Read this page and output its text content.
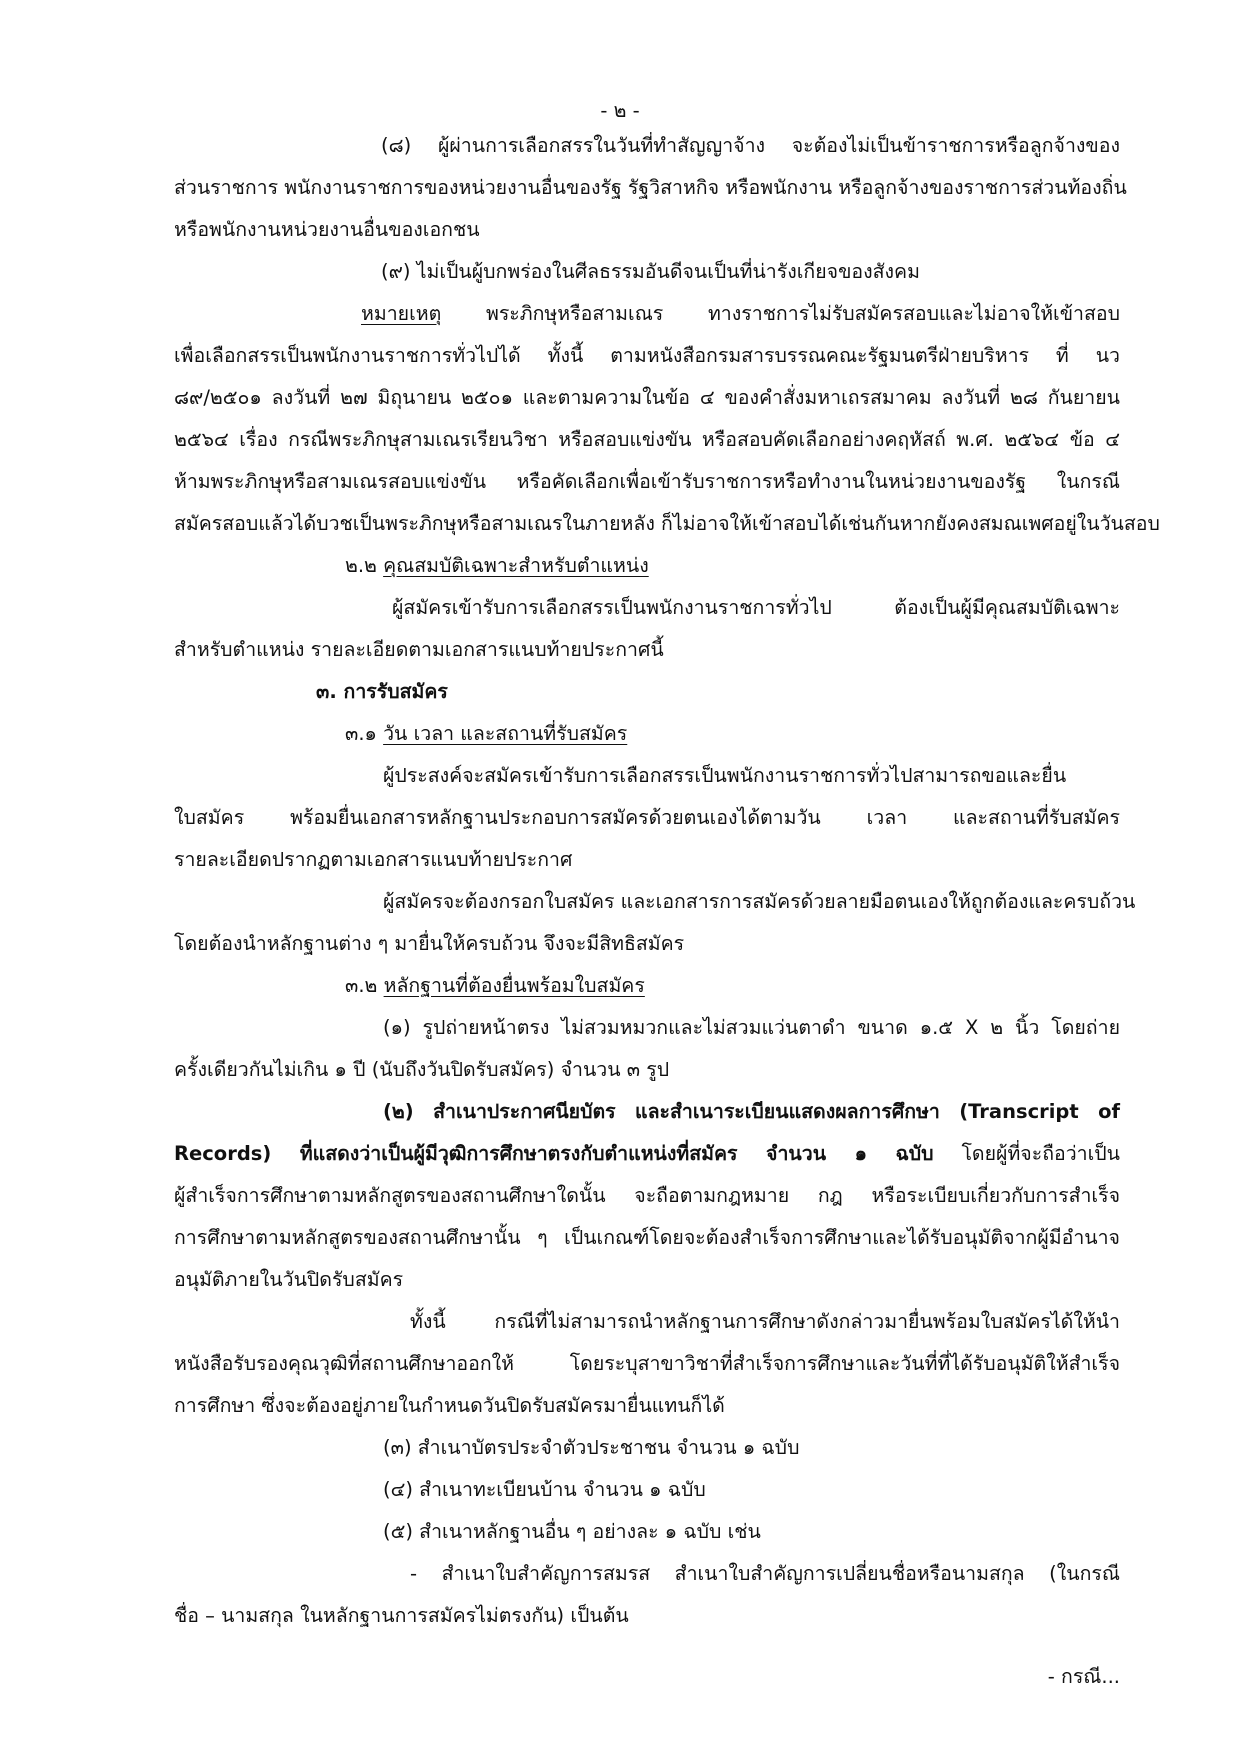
- ๒ -
(๘) ผู้ผ่านการเลือกสรรในวันที่ทำสัญญาจ้าง จะต้องไม่เป็นข้าราชการหรือลูกจ้างของ
ส่วนราชการ พนักงานราชการของหน่วยงานอื่นของรัฐ รัฐวิสาหกิจ หรือพนักงาน หรือลูกจ้างของราชการส่วนท้องถิ่น
หรือพนักงานหน่วยงานอื่นของเอกชน
(๙) ไม่เป็นผู้บกพร่องในศีลธรรมอันดีจนเป็นที่น่ารังเกียจของสังคม
หมายเหตุ พระภิกษุหรือสามเณร ทางราชการไม่รับสมัครสอบและไม่อาจให้เข้าสอบ
เพื่อเลือกสรรเป็นพนักงานราชการทั่วไปได้ ทั้งนี้ ตามหนังสือกรมสารบรรณคณะรัฐมนตรีฝ่ายบริหาร ที่ นว
๘๙/๒๕๐๑ ลงวันที่ ๒๗ มิถุนายน ๒๕๐๑ และตามความในข้อ ๔ ของคำสั่งมหาเถรสมาคม ลงวันที่ ๒๘ กันยายน
๒๕๖๔ เรื่อง กรณีพระภิกษุสามเณรเรียนวิชา หรือสอบแข่งขัน หรือสอบคัดเลือกอย่างคฤหัสถ์ พ.ศ. ๒๕๖๔ ข้อ ๔
ห้ามพระภิกษุหรือสามเณรสอบแข่งขัน หรือคัดเลือกเพื่อเข้ารับราชการหรือทำงานในหน่วยงานของรัฐ ในกรณี
สมัครสอบแล้วได้บวชเป็นพระภิกษุหรือสามเณรในภายหลัง ก็ไม่อาจให้เข้าสอบได้เช่นกันหากยังคงสมณเพศอยู่ในวันสอบ
๒.๒ คุณสมบัติเฉพาะสำหรับตำแหน่ง
ผู้สมัครเข้ารับการเลือกสรรเป็นพนักงานราชการทั่วไป ต้องเป็นผู้มีคุณสมบัติเฉพาะ
สำหรับตำแหน่ง รายละเอียดตามเอกสารแนบท้ายประกาศนี้
๓. การรับสมัคร
๓.๑ วัน เวลา และสถานที่รับสมัคร
ผู้ประสงค์จะสมัครเข้ารับการเลือกสรรเป็นพนักงานราชการทั่วไปสามารถขอและยื่น
ใบสมัคร พร้อมยื่นเอกสารหลักฐานประกอบการสมัครด้วยตนเองได้ตามวัน เวลา และสถานที่รับสมัคร
รายละเอียดปรากฏตามเอกสารแนบท้ายประกาศ
ผู้สมัครจะต้องกรอกใบสมัคร และเอกสารการสมัครด้วยลายมือตนเองให้ถูกต้องและครบถ้วน
โดยต้องนำหลักฐานต่าง ๆ มายื่นให้ครบถ้วน จึงจะมีสิทธิสมัคร
๓.๒ หลักฐานที่ต้องยื่นพร้อมใบสมัคร
(๑) รูปถ่ายหน้าตรง ไม่สวมหมวกและไม่สวมแว่นตาดำ ขนาด ๑.๕ X ๒ นิ้ว โดยถ่าย
ครั้งเดียวกันไม่เกิน ๑ ปี (นับถึงวันปิดรับสมัคร) จำนวน ๓ รูป
(๒) สำเนาประกาศนียบัตร และสำเนาระเบียนแสดงผลการศึกษา (Transcript of
Records) ที่แสดงว่าเป็นผู้มีวุฒิการศึกษาตรงกับตำแหน่งที่สมัคร จำนวน ๑ ฉบับ โดยผู้ที่จะถือว่าเป็น
ผู้สำเร็จการศึกษาตามหลักสูตรของสถานศึกษาใดนั้น จะถือตามกฎหมาย กฎ หรือระเบียบเกี่ยวกับการสำเร็จ
การศึกษาตามหลักสูตรของสถานศึกษานั้น ๆ เป็นเกณฑ์โดยจะต้องสำเร็จการศึกษาและได้รับอนุมัติจากผู้มีอำนาจ
อนุมัติภายในวันปิดรับสมัคร
ทั้งนี้ กรณีที่ไม่สามารถนำหลักฐานการศึกษาดังกล่าวมายื่นพร้อมใบสมัครได้ให้นำ
หนังสือรับรองคุณวุฒิที่สถานศึกษาออกให้ โดยระบุสาขาวิชาที่สำเร็จการศึกษาและวันที่ที่ได้รับอนุมัติให้สำเร็จ
การศึกษา ซึ่งจะต้องอยู่ภายในกำหนดวันปิดรับสมัครมายื่นแทนก็ได้
(๓) สำเนาบัตรประจำตัวประชาชน จำนวน ๑ ฉบับ
(๔) สำเนาทะเบียนบ้าน จำนวน ๑ ฉบับ
(๕) สำเนาหลักฐานอื่น ๆ อย่างละ ๑ ฉบับ เช่น
- สำเนาใบสำคัญการสมรส สำเนาใบสำคัญการเปลี่ยนชื่อหรือนามสกุล (ในกรณี
ชื่อ – นามสกุล ในหลักฐานการสมัครไม่ตรงกัน) เป็นต้น
- กรณี...
